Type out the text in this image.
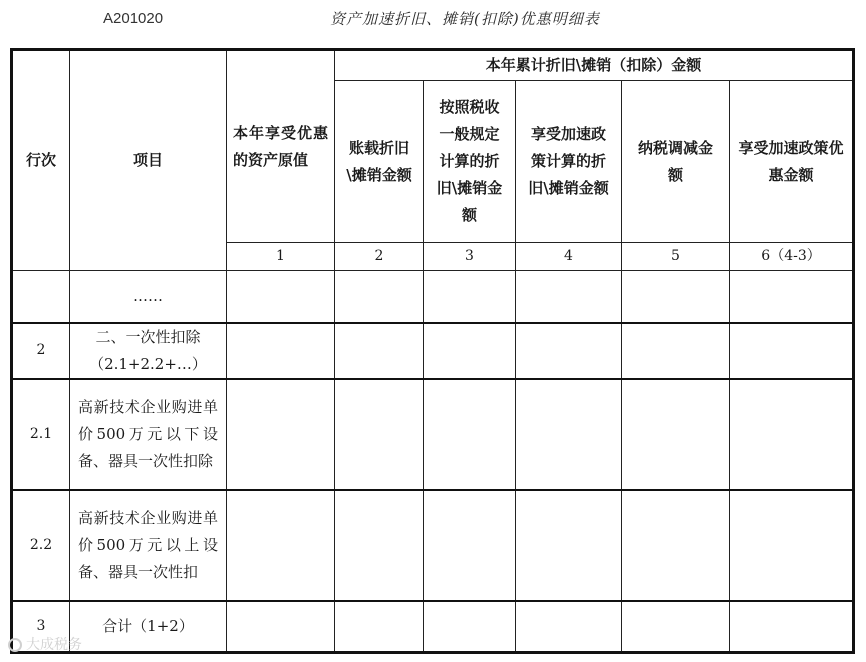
A201020	资产加速折旧、摊销(扣除)优惠明细表
行次	项目	本年享受优惠的资产原值	本年累计折旧\摊销（扣除）金额				
			账载折旧\摊销金额	按照税收一般规定计算的折旧\摊销金额	享受加速政策计算的折旧\摊销金额	纳税调减金额	享受加速政策优惠金额
		1	2	3	4	5	6（4-3）
	……						
2	二、一次性扣除（2.1+2.2+…）						
2.1	高新技术企业购进单价500万元以下设备、器具一次性扣除						
2.2	高新技术企业购进单价500万元以上设备、器具一次性扣						
3	合计（1+2）						
大成税务
